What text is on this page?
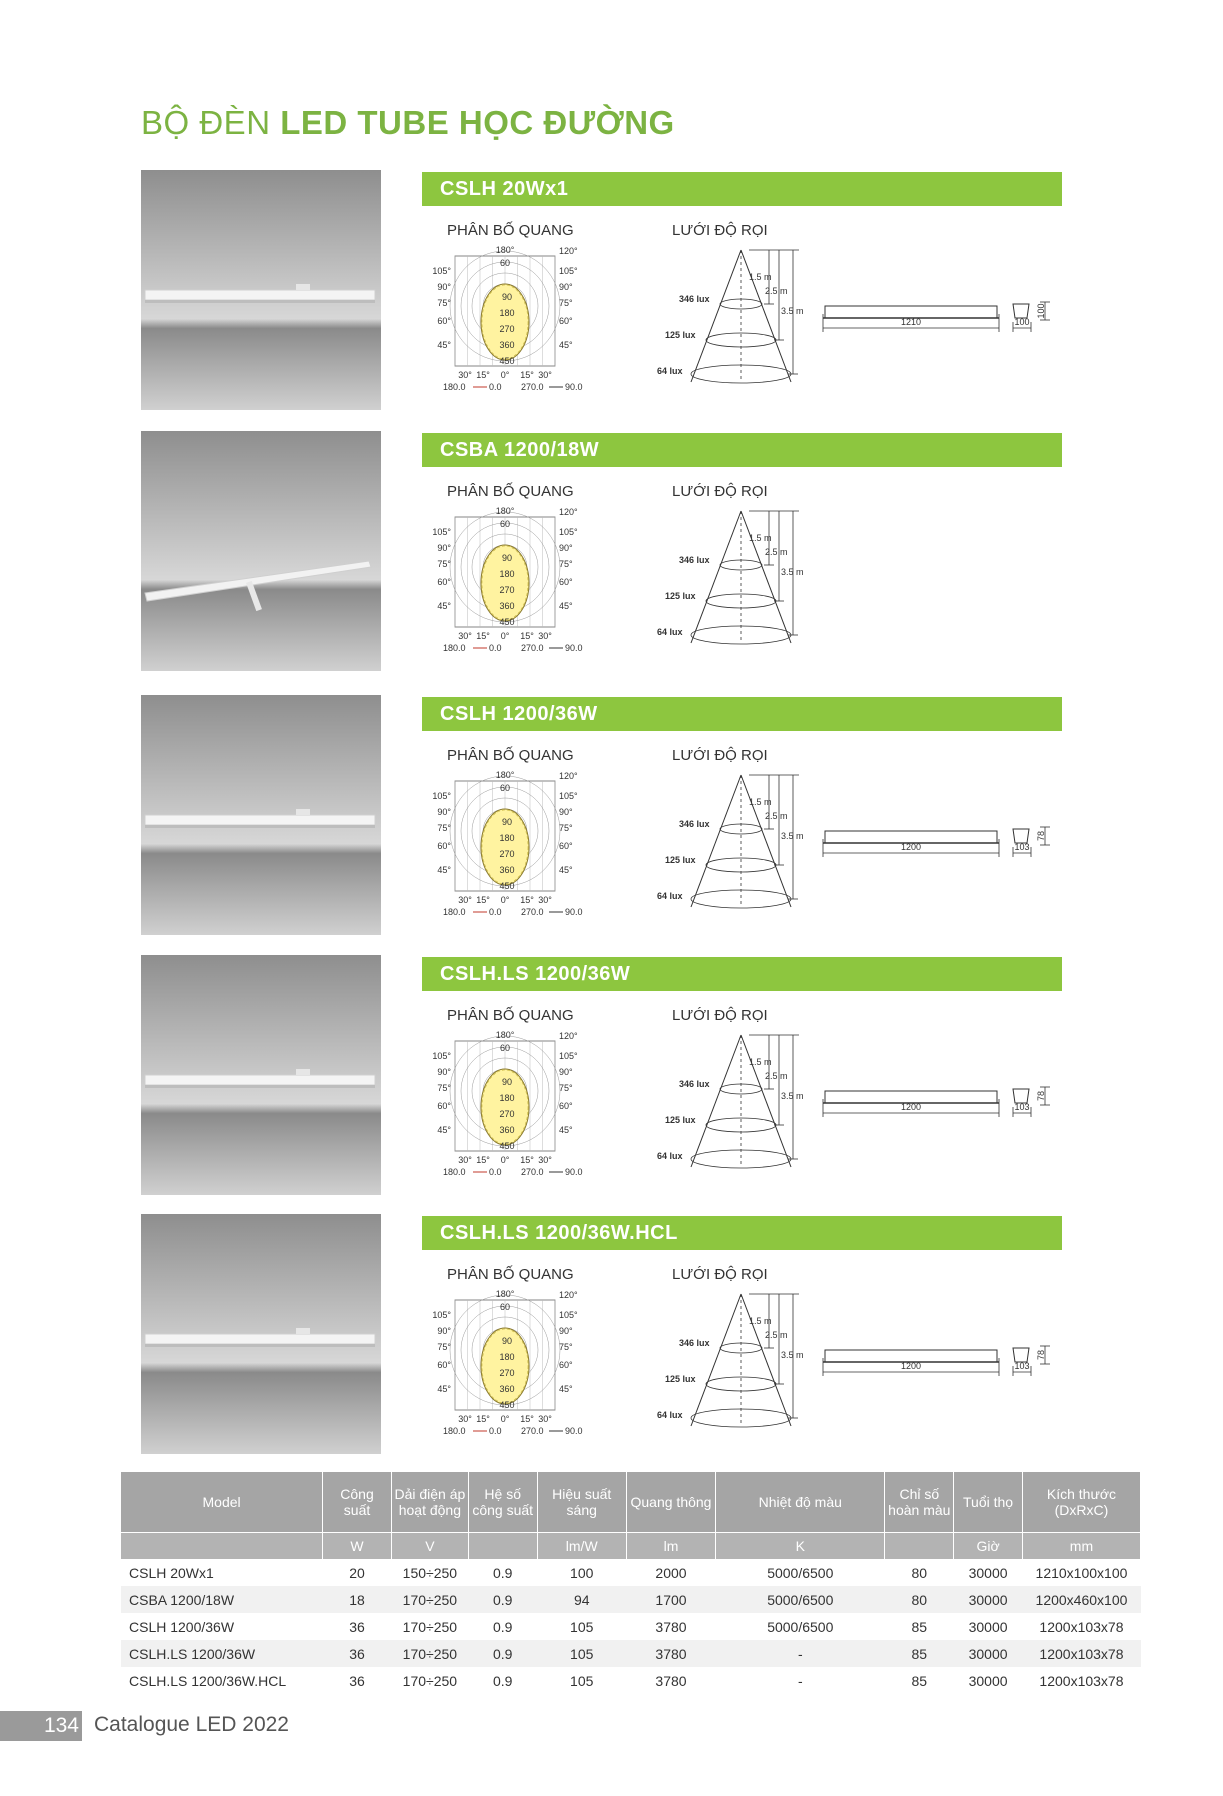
BỘ ĐÈN LED TUBE HỌC ĐƯỜNG
CSLH 20Wx1
PHÂN BỐ QUANG	LƯỚI ĐỘ RỌI
180°
60
105°
90°
75°
60°
45°
120°
105°
90°
75°
60°
45°
90
180
270
360
450
30° 15° 0° 15° 30°
180.0	0.0 270.0 90.0
1.5 m
2.5 m
3.5 m
346 lux
125 lux
64 lux
1210	100
100
CSBA 1200/18W
PHÂN BỐ QUANG	LƯỚI ĐỘ RỌI
180°
60
105°
90°
75°
60°
45°
120°
105°
90°
75°
60°
45°
90
180
270
360
450
30° 15° 0° 15° 30°
180.0	0.0 270.0 90.0
1.5 m
2.5 m
3.5 m
346 lux
125 lux
64 lux
CSLH 1200/36W
PHÂN BỐ QUANG	LƯỚI ĐỘ RỌI
180°
60
105°
90°
75°
60°
45°
120°
105°
90°
75°
60°
45°
90
180
270
360
450
30° 15° 0° 15° 30°
180.0	0.0 270.0 90.0
1.5 m
2.5 m
3.5 m
346 lux
125 lux
64 lux
1200	103
78
CSLH.LS 1200/36W
PHÂN BỐ QUANG	LƯỚI ĐỘ RỌI
180°
60
105°
90°
75°
60°
45°
120°
105°
90°
75°
60°
45°
90
180
270
360
450
30° 15° 0° 15° 30°
180.0	0.0 270.0 90.0
1.5 m
2.5 m
3.5 m
346 lux
125 lux
64 lux
1200	103
78
CSLH.LS 1200/36W.HCL
PHÂN BỐ QUANG	LƯỚI ĐỘ RỌI
180°
60
105°
90°
75°
60°
45°
120°
105°
90°
75°
60°
45°
90
180
270
360
450
30° 15° 0° 15° 30°
180.0	0.0 270.0 90.0
1.5 m
2.5 m
3.5 m
346 lux
125 lux
64 lux
1200	103
78
Model	Công suất	Dải điện áp hoạt động	Hệ số công suất	Hiệu suất sáng	Quang thông	Nhiệt độ màu	Chỉ số hoàn màu	Tuổi thọ	Kích thước (DxRxC)
	W	V		lm/W	lm	K		Giờ	mm
CSLH 20Wx1	20	150÷250	0.9	100	2000	5000/6500	80	30000	1210x100x100
CSBA 1200/18W	18	170÷250	0.9	94	1700	5000/6500	80	30000	1200x460x100
CSLH 1200/36W	36	170÷250	0.9	105	3780	5000/6500	85	30000	1200x103x78
CSLH.LS 1200/36W	36	170÷250	0.9	105	3780	-	85	30000	1200x103x78
CSLH.LS 1200/36W.HCL	36	170÷250	0.9	105	3780	-	85	30000	1200x103x78
134 Catalogue LED 2022
